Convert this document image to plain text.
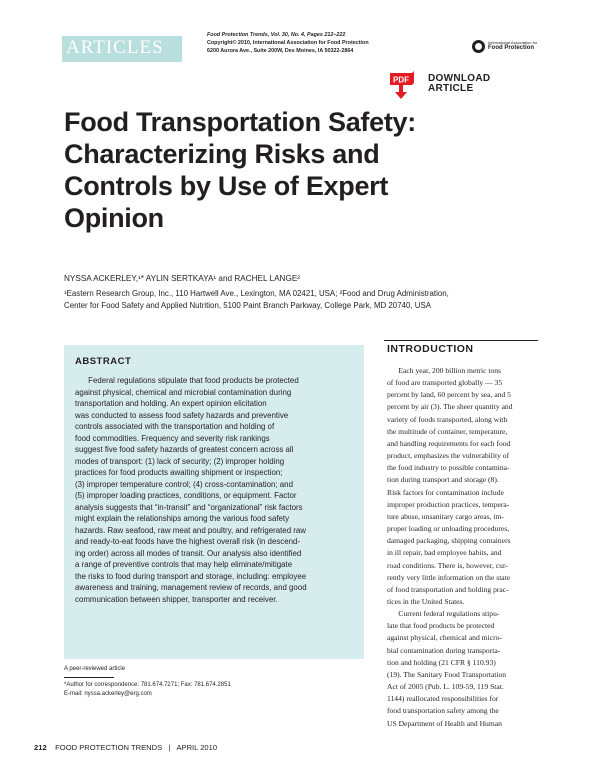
ARTICLES
Food Protection Trends, Vol. 30, No. 4, Pages 212–222
Copyright© 2010, International Association for Food Protection
6200 Aurora Ave., Suite 200W, Des Moines, IA 50322-2864
International Association for
Food Protection
PDF DOWNLOAD
ARTICLE
Food Transportation Safety:
Characterizing Risks and
Controls by Use of Expert
Opinion
NYSSA ACKERLEY,¹* AYLIN SERTKAYA¹ and RACHEL LANGE²
¹Eastern Research Group, Inc., 110 Hartwell Ave., Lexington, MA 02421, USA; ²Food and Drug Administration,
Center for Food Safety and Applied Nutrition, 5100 Paint Branch Parkway, College Park, MD 20740, USA
ABSTRACT
Federal regulations stipulate that food products be protected
against physical, chemical and microbial contamination during
transportation and holding. An expert opinion elicitation
was conducted to assess food safety hazards and preventive
controls associated with the transportation and holding of
food commodities. Frequency and severity risk rankings
suggest five food safety hazards of greatest concern across all
modes of transport: (1) lack of security; (2) improper holding
practices for food products awaiting shipment or inspection;
(3) improper temperature control; (4) cross-contamination; and
(5) improper loading practices, conditions, or equipment. Factor
analysis suggests that “in-transit” and “organizational” risk factors
might explain the relationships among the various food safety
hazards. Raw seafood, raw meat and poultry, and refrigerated raw
and ready-to-eat foods have the highest overall risk (in descend-
ing order) across all modes of transit. Our analysis also identified
a range of preventive controls that may help eliminate/mitigate
the risks to food during transport and storage, including: employee
awareness and training, management review of records, and good
communication between shipper, transporter and receiver.
A peer-reviewed article
*Author for correspondence: 781.674.7271; Fax: 781.674.2851
E-mail: nyssa.ackerley@erg.com
INTRODUCTION
Each year, 200 billion metric tons
of food are transported globally — 35
percent by land, 60 percent by sea, and 5
percent by air (3). The sheer quantity and
variety of foods transported, along with
the multitude of container, temperature,
and handling requirements for each food
product, emphasizes the vulnerability of
the food industry to possible contamina-
tion during transport and storage (8).
Risk factors for contamination include
improper production practices, tempera-
ture abuse, unsanitary cargo areas, im-
proper loading or unloading procedures,
damaged packaging, shipping containers
in ill repair, bad employee habits, and
road conditions. There is, however, cur-
rently very little information on the state
of food transportation and holding prac-
tices in the United States.
Current federal regulations stipu-
late that food products be protected
against physical, chemical and micro-
bial contamination during transporta-
tion and holding (21 CFR § 110.93)
(19). The Sanitary Food Transportation
Act of 2005 (Pub. L. 109-59, 119 Stat.
1144) reallocated responsibilities for
food transportation safety among the
US Department of Health and Human
212 FOOD PROTECTION TRENDS   |   APRIL 2010
